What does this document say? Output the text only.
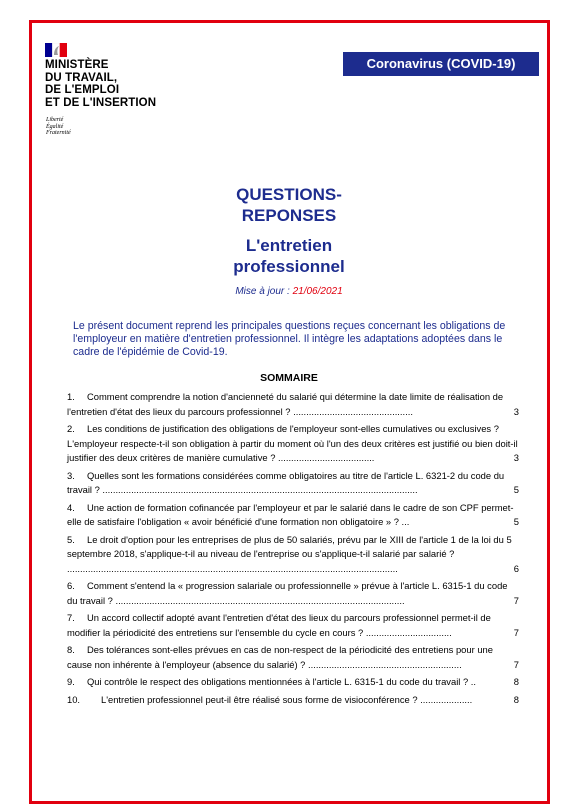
MINISTÈRE
DU TRAVAIL,
DE L'EMPLOI
ET DE L'INSERTION
Liberté
Égalité
Fraternité
Coronavirus (COVID-19)
QUESTIONS-
REPONSES
L'entretien
professionnel
Mise à jour : 21/06/2021
Le présent document reprend les principales questions reçues concernant les obligations de l'employeur en matière d'entretien professionnel. Il intègre les adaptations adoptées dans le cadre de l'épidémie de Covid-19.
SOMMAIRE

1. Comment comprendre la notion d'ancienneté du salarié qui détermine la date limite de réalisation de l'entretien d'état des lieux du parcours professionnel ? ..............................................	3

2. Les conditions de justification des obligations de l'employeur sont-elles cumulatives ou exclusives ? L'employeur respecte-t-il son obligation à partir du moment où l'un des deux critères est justifié ou bien doit-il justifier des deux critères de manière cumulative ? .....................................	3

3. Quelles sont les formations considérées comme obligatoires au titre de l'article L. 6321-2 du code du travail ? .........................................................................................................................	5

4. Une action de formation cofinancée par l'employeur et par le salarié dans le cadre de son CPF permet-elle de satisfaire l'obligation « avoir bénéficié d'une formation non obligatoire » ? ...	5

5. Le droit d'option pour les entreprises de plus de 50 salariés, prévu par le XIII de l'article 1 de la loi du 5 septembre 2018, s'applique-t-il au niveau de l'entreprise ou s'applique-t-il salarié par salarié ? ...............................................................................................................................	6

6. Comment s'entend la « progression salariale ou professionnelle » prévue à l'article L. 6315-1 du code du travail ? ...............................................................................................................	7

7. Un accord collectif adopté avant l'entretien d'état des lieux du parcours professionnel permet-il de modifier la périodicité des entretiens sur l'ensemble du cycle en cours ? .................................	7

8. Des tolérances sont-elles prévues en cas de non-respect de la périodicité des entretiens pour une cause non inhérente à l'employeur (absence du salarié) ? ...........................................................	7

9. Qui contrôle le respect des obligations mentionnées à l'article L. 6315-1 du code du travail ? ..	8

10. L'entretien professionnel peut-il être réalisé sous forme de visioconférence ? ....................	8
